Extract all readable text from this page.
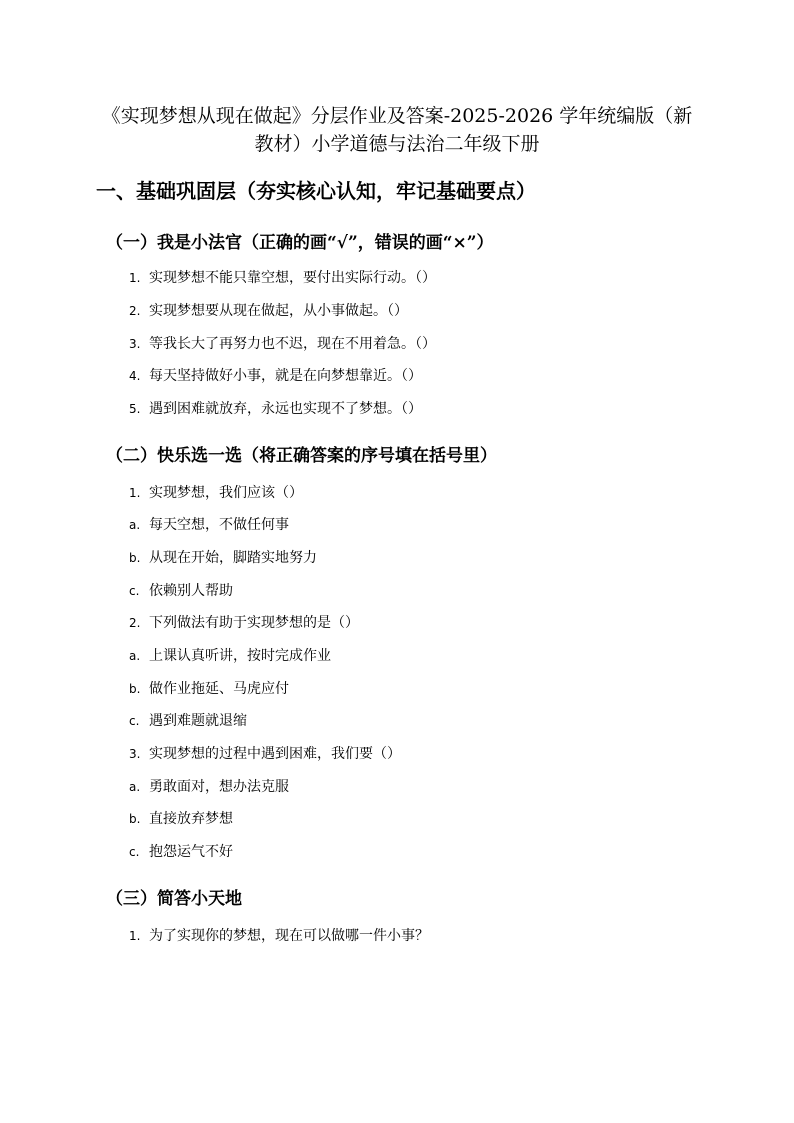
《实现梦想从现在做起》分层作业及答案-2025-2026 学年统编版（新
教材）小学道德与法治二年级下册
一、基础巩固层（夯实核心认知，牢记基础要点）
（一）我是小法官（正确的画“√”，错误的画“×”）
1. 实现梦想不能只靠空想，要付出实际行动。（）
2. 实现梦想要从现在做起，从小事做起。（）
3. 等我长大了再努力也不迟，现在不用着急。（）
4. 每天坚持做好小事，就是在向梦想靠近。（）
5. 遇到困难就放弃，永远也实现不了梦想。（）
（二）快乐选一选（将正确答案的序号填在括号里）
1. 实现梦想，我们应该（）
a. 每天空想，不做任何事
b. 从现在开始，脚踏实地努力
c. 依赖别人帮助
2. 下列做法有助于实现梦想的是（）
a. 上课认真听讲，按时完成作业
b. 做作业拖延、马虎应付
c. 遇到难题就退缩
3. 实现梦想的过程中遇到困难，我们要（）
a. 勇敢面对，想办法克服
b. 直接放弃梦想
c. 抱怨运气不好
（三）简答小天地
1. 为了实现你的梦想，现在可以做哪一件小事？
